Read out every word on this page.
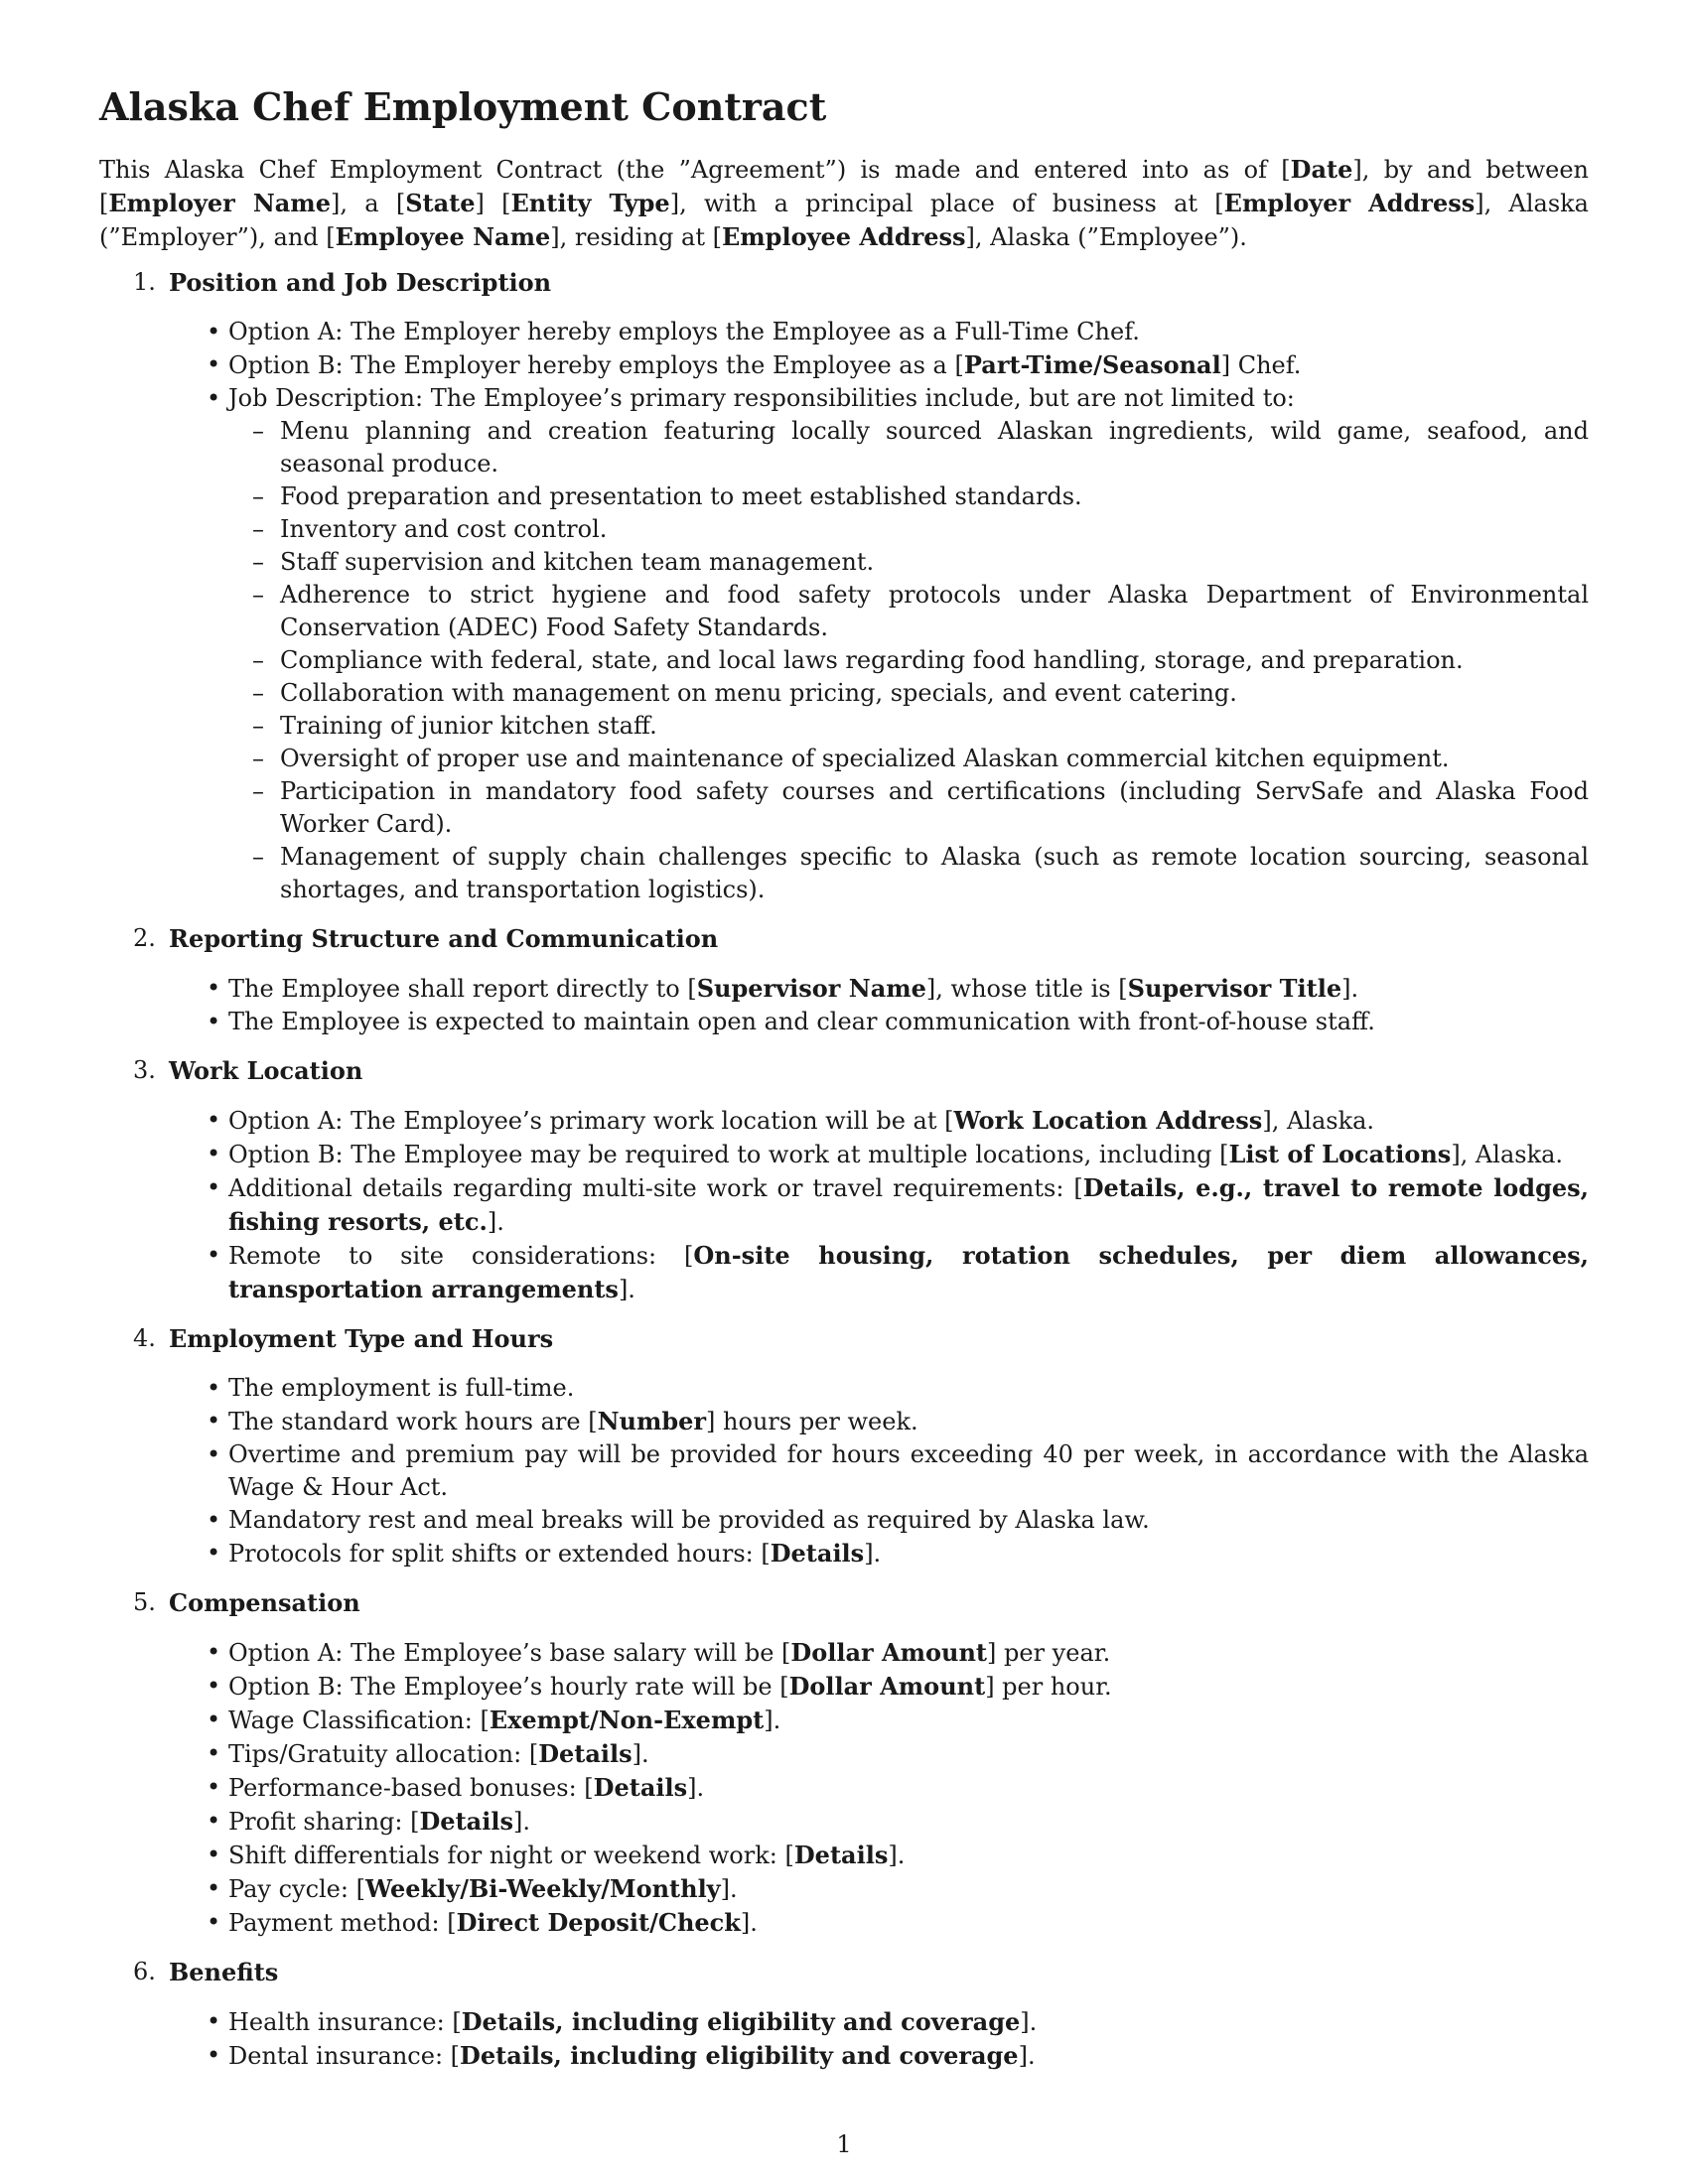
Alaska Chef Employment Contract

This Alaska Chef Employment Contract (the ”Agreement”) is made and entered into as of [Date], by and between [Employer Name], a [State] [Entity Type], with a principal place of business at [Employer Address], Alaska (”Employer”), and [Employee Name], residing at [Employee Address], Alaska (”Employee”).

1. Position and Job Description
• Option A: The Employer hereby employs the Employee as a Full-Time Chef.
• Option B: The Employer hereby employs the Employee as a [Part-Time/Seasonal] Chef.
• Job Description: The Employee’s primary responsibilities include, but are not limited to:
– Menu planning and creation featuring locally sourced Alaskan ingredients, wild game, seafood, and seasonal produce.
– Food preparation and presentation to meet established standards.
– Inventory and cost control.
– Staff supervision and kitchen team management.
– Adherence to strict hygiene and food safety protocols under Alaska Department of Environmental Conservation (ADEC) Food Safety Standards.
– Compliance with federal, state, and local laws regarding food handling, storage, and preparation.
– Collaboration with management on menu pricing, specials, and event catering.
– Training of junior kitchen staff.
– Oversight of proper use and maintenance of specialized Alaskan commercial kitchen equipment.
– Participation in mandatory food safety courses and certifications (including ServSafe and Alaska Food Worker Card).
– Management of supply chain challenges specific to Alaska (such as remote location sourcing, seasonal shortages, and transportation logistics).
2. Reporting Structure and Communication
• The Employee shall report directly to [Supervisor Name], whose title is [Supervisor Title].
• The Employee is expected to maintain open and clear communication with front-of-house staff.
3. Work Location
• Option A: The Employee’s primary work location will be at [Work Location Address], Alaska.
• Option B: The Employee may be required to work at multiple locations, including [List of Locations], Alaska.
• Additional details regarding multi-site work or travel requirements: [Details, e.g., travel to remote lodges, fishing resorts, etc.].
• Remote to site considerations: [On-site housing, rotation schedules, per diem allowances, transportation arrangements].
4. Employment Type and Hours
• The employment is full-time.
• The standard work hours are [Number] hours per week.
• Overtime and premium pay will be provided for hours exceeding 40 per week, in accordance with the Alaska Wage & Hour Act.
• Mandatory rest and meal breaks will be provided as required by Alaska law.
• Protocols for split shifts or extended hours: [Details].
5. Compensation
• Option A: The Employee’s base salary will be [Dollar Amount] per year.
• Option B: The Employee’s hourly rate will be [Dollar Amount] per hour.
• Wage Classification: [Exempt/Non-Exempt].
• Tips/Gratuity allocation: [Details].
• Performance-based bonuses: [Details].
• Profit sharing: [Details].
• Shift differentials for night or weekend work: [Details].
• Pay cycle: [Weekly/Bi-Weekly/Monthly].
• Payment method: [Direct Deposit/Check].
6. Benefits
• Health insurance: [Details, including eligibility and coverage].
• Dental insurance: [Details, including eligibility and coverage].
1
